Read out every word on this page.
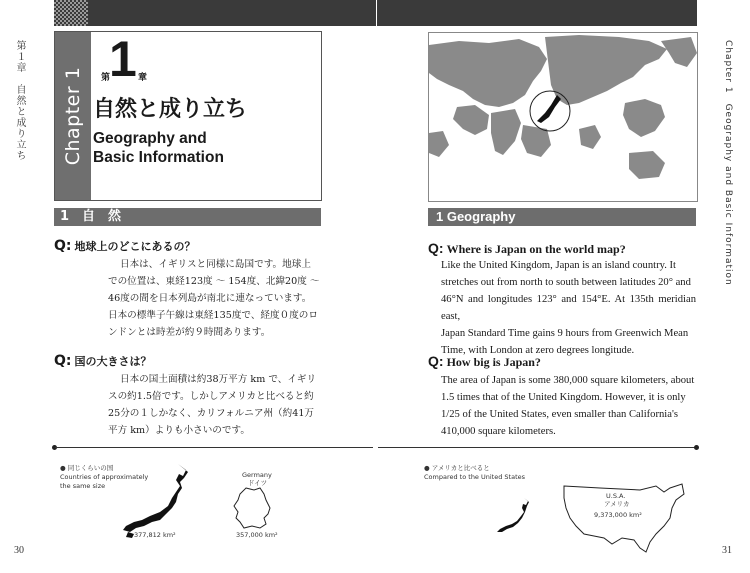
第１章　自然と成り立ち Chapter 1 第
1 章
自然と成り立ち
Geography and
Basic Information
1　自　然
Q: 地球上のどこにあるの？
日本は、イギリスと同様に島国です。地球上
での位置は、東経123度 〜 154度、北緯20度 〜
46度の間を日本列島が南北に連なっています。
日本の標準子午線は東経135度で、経度０度のロ
ンドンとは時差が約９時間あります。
Q: 国の大きさは？
日本の国土面積は約38万平方 km で、イギリ
スの約1.5倍です。しかしアメリカと比べると約
25分の１しかなく、カリフォルニア州（約41万
平方 km）よりも小さいのです。
● 同じくらいの国
Countries of approximately
the same size
377,812 km²
Germany
ドイツ
357,000 km²
30
Chapter 1　Geography and Basic Information
1 Geography
Q: Where is Japan on the world map?
Like the United Kingdom, Japan is an island country. It
stretches out from north to south between latitudes 20° and
46°N and longitudes 123° and 154°E. At 135th meridian east,
Japan Standard Time gains 9 hours from Greenwich Mean
Time, with London at zero degrees longitude.
Q: How big is Japan?
The area of Japan is some 380,000 square kilometers, about
1.5 times that of the United Kingdom. However, it is only
1/25 of the United States, even smaller than California's
410,000 square kilometers.
● アメリカと比べると
Compared to the United States
U.S.A.
アメリカ
9,373,000 km²
31
